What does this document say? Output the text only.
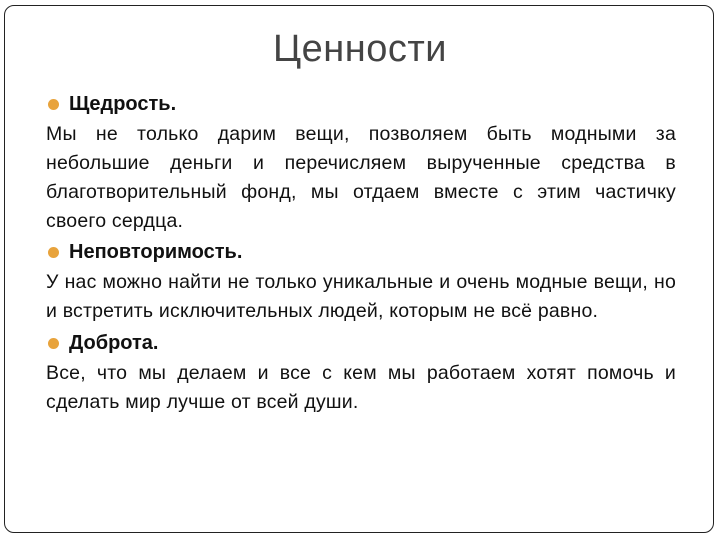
Ценности
Щедрость.

Мы не только дарим вещи, позволяем быть модными за небольшие деньги и перечисляем вырученные средства в благотворительный фонд, мы отдаем вместе с этим частичку своего сердца.

Неповторимость.

У нас можно найти не только уникальные и очень модные вещи, но и встретить исключительных людей, которым не всё равно.

Доброта.

Все, что мы делаем и все с кем мы работаем хотят помочь и сделать мир лучше от всей души.
